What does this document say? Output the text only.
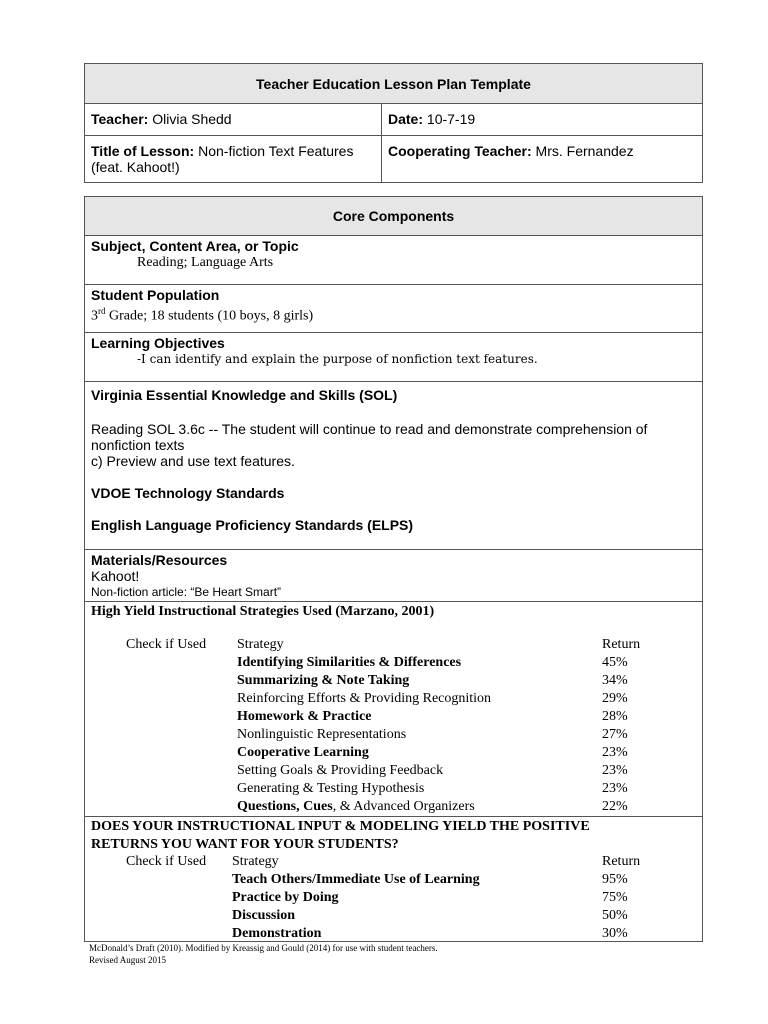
Teacher Education Lesson Plan Template
Teacher: Olivia Shedd	Date: 10-7-19
Title of Lesson: Non-fiction Text Features (feat. Kahoot!)
Cooperating Teacher: Mrs. Fernandez
Core Components
Subject, Content Area, or Topic
Reading; Language Arts
Student Population
3rd Grade; 18 students (10 boys, 8 girls)
Learning Objectives
-I can identify and explain the purpose of nonfiction text features.
Virginia Essential Knowledge and Skills (SOL)
Reading SOL 3.6c -- The student will continue to read and demonstrate comprehension of nonfiction texts
c) Preview and use text features.
VDOE Technology Standards
English Language Proficiency Standards (ELPS)
Materials/Resources
Kahoot!
Non-fiction article: “Be Heart Smart”
High Yield Instructional Strategies Used (Marzano, 2001)
Check if Used Strategy	Return
Identifying Similarities & Differences	45%
Summarizing & Note Taking	34%
Reinforcing Efforts & Providing Recognition	29%
Homework & Practice	28%
Nonlinguistic Representations	27%
Cooperative Learning	23%
Setting Goals & Providing Feedback	23%
Generating & Testing Hypothesis	23%
Questions, Cues, & Advanced Organizers	22%
DOES YOUR INSTRUCTIONAL INPUT & MODELING YIELD THE POSITIVE
RETURNS YOU WANT FOR YOUR STUDENTS?
Check if Used Strategy	Return
Teach Others/Immediate Use of Learning	95%
Practice by Doing	75%
Discussion	50%
Demonstration	30%
McDonald’s Draft (2010). Modified by Kreassig and Gould (2014) for use with student teachers.
Revised August 2015
